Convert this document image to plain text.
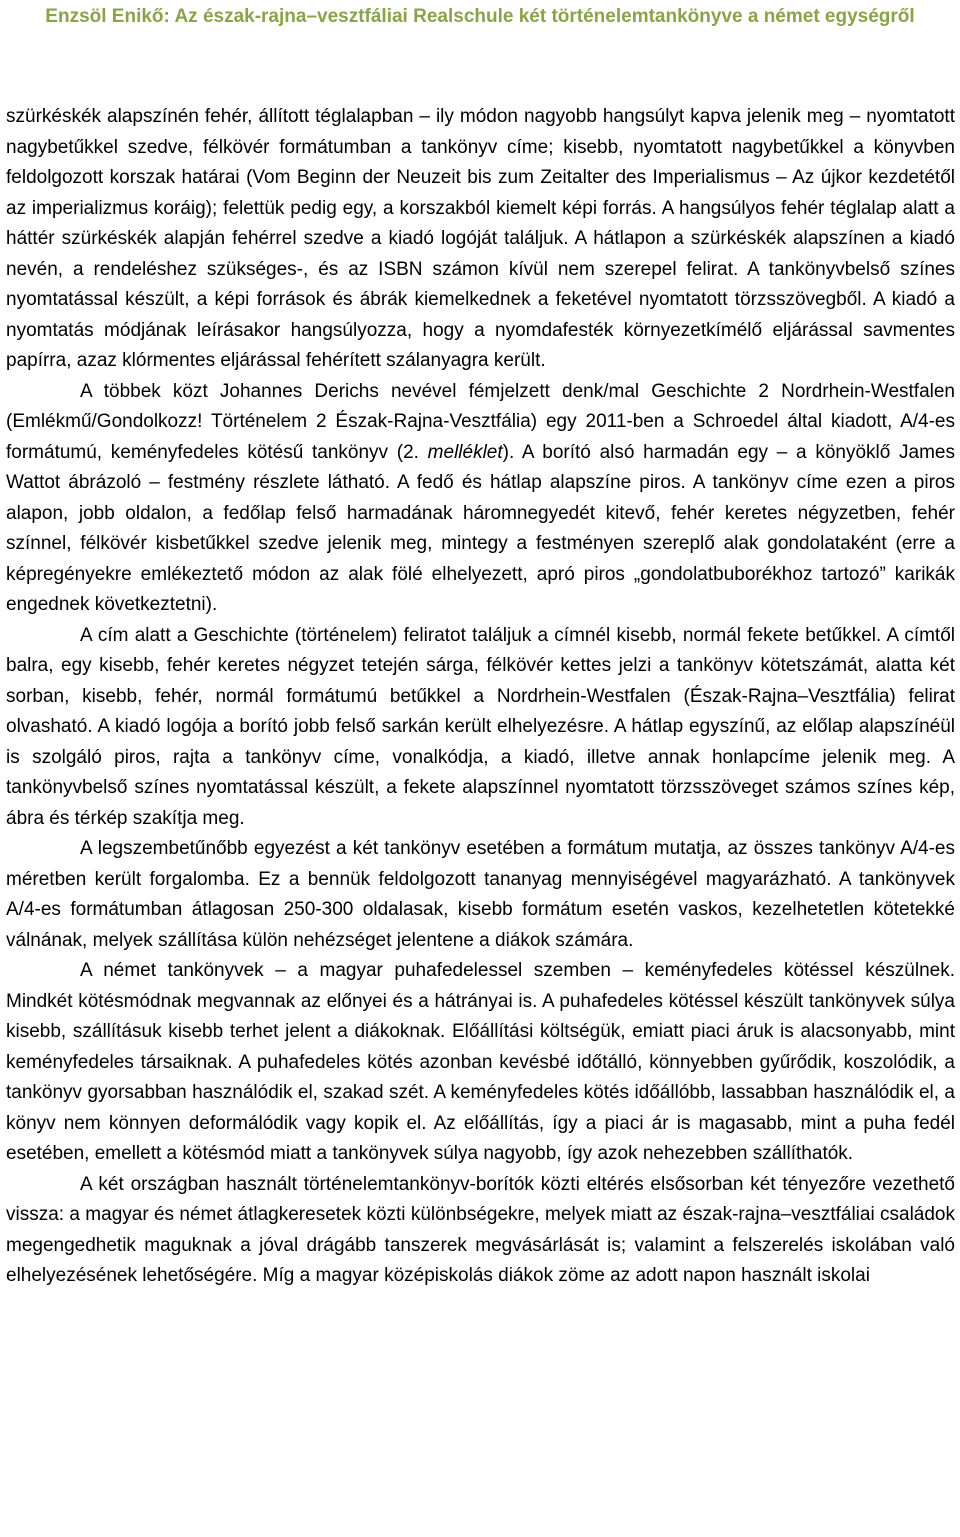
Enzsöl Enikő: Az észak-rajna–vesztfáliai Realschule két történelemtankönyve a német egységről

szürkéskék alapszínén fehér, állított téglalapban – ily módon nagyobb hangsúlyt kapva jelenik meg – nyomtatott nagybetűkkel szedve, félkövér formátumban a tankönyv címe; kisebb, nyomtatott nagybetűkkel a könyvben feldolgozott korszak határai (Vom Beginn der Neuzeit bis zum Zeitalter des Imperialismus – Az újkor kezdetétől az imperializmus koráig); felettük pedig egy, a korszakból kiemelt képi forrás. A hangsúlyos fehér téglalap alatt a háttér szürkéskék alapján fehérrel szedve a kiadó logóját találjuk. A hátlapon a szürkéskék alapszínen a kiadó nevén, a rendeléshez szükséges-, és az ISBN számon kívül nem szerepel felirat. A tankönyvbelső színes nyomtatással készült, a képi források és ábrák kiemelkednek a feketével nyomtatott törzsszövegből. A kiadó a nyomtatás módjának leírásakor hangsúlyozza, hogy a nyomdafesték környezetkímélő eljárással savmentes papírra, azaz klórmentes eljárással fehérített szálanyagra került.

A többek közt Johannes Derichs nevével fémjelzett denk/mal Geschichte 2 Nordrhein-Westfalen (Emlékmű/Gondolkozz! Történelem 2 Észak-Rajna-Vesztfália) egy 2011-ben a Schroedel által kiadott, A/4-es formátumú, keményfedeles kötésű tankönyv (2. melléklet). A borító alsó harmadán egy – a könyöklő James Wattot ábrázoló – festmény részlete látható. A fedő és hátlap alapszíne piros. A tankönyv címe ezen a piros alapon, jobb oldalon, a fedőlap felső harmadának háromnegyedét kitevő, fehér keretes négyzetben, fehér színnel, félkövér kisbetűkkel szedve jelenik meg, mintegy a festményen szereplő alak gondolataként (erre a képregényekre emlékeztető módon az alak fölé elhelyezett, apró piros „gondolatbuborékhoz tartozó” karikák engednek következtetni).

A cím alatt a Geschichte (történelem) feliratot találjuk a címnél kisebb, normál fekete betűkkel. A címtől balra, egy kisebb, fehér keretes négyzet tetején sárga, félkövér kettes jelzi a tankönyv kötetszámát, alatta két sorban, kisebb, fehér, normál formátumú betűkkel a Nordrhein-Westfalen (Észak-Rajna–Vesztfália) felirat olvasható. A kiadó logója a borító jobb felső sarkán került elhelyezésre. A hátlap egyszínű, az előlap alapszínéül is szolgáló piros, rajta a tankönyv címe, vonalkódja, a kiadó, illetve annak honlapcíme jelenik meg. A tankönyvbelső színes nyomtatással készült, a fekete alapszínnel nyomtatott törzsszöveget számos színes kép, ábra és térkép szakítja meg.

A legszembetűnőbb egyezést a két tankönyv esetében a formátum mutatja, az összes tankönyv A/4-es méretben került forgalomba. Ez a bennük feldolgozott tananyag mennyiségével magyarázható. A tankönyvek A/4-es formátumban átlagosan 250-300 oldalasak, kisebb formátum esetén vaskos, kezelhetetlen kötetekké válnának, melyek szállítása külön nehézséget jelentene a diákok számára.

A német tankönyvek – a magyar puhafedelessel szemben – keményfedeles kötéssel készülnek. Mindkét kötésmódnak megvannak az előnyei és a hátrányai is. A puhafedeles kötéssel készült tankönyvek súlya kisebb, szállításuk kisebb terhet jelent a diákoknak. Előállítási költségük, emiatt piaci áruk is alacsonyabb, mint keményfedeles társaiknak. A puhafedeles kötés azonban kevésbé időtálló, könnyebben gyűrődik, koszolódik, a tankönyv gyorsabban használódik el, szakad szét. A keményfedeles kötés időállóbb, lassabban használódik el, a könyv nem könnyen deformálódik vagy kopik el. Az előállítás, így a piaci ár is magasabb, mint a puha fedél esetében, emellett a kötésmód miatt a tankönyvek súlya nagyobb, így azok nehezebben szállíthatók.

A két országban használt történelemtankönyv-borítók közti eltérés elsősorban két tényezőre vezethető vissza: a magyar és német átlagkeresetek közti különbségekre, melyek miatt az észak-rajna–vesztfáliai családok megengedhetik maguknak a jóval drágább tanszerek megvásárlását is; valamint a felszerelés iskolában való elhelyezésének lehetőségére. Míg a magyar középiskolás diákok zöme az adott napon használt iskolai
